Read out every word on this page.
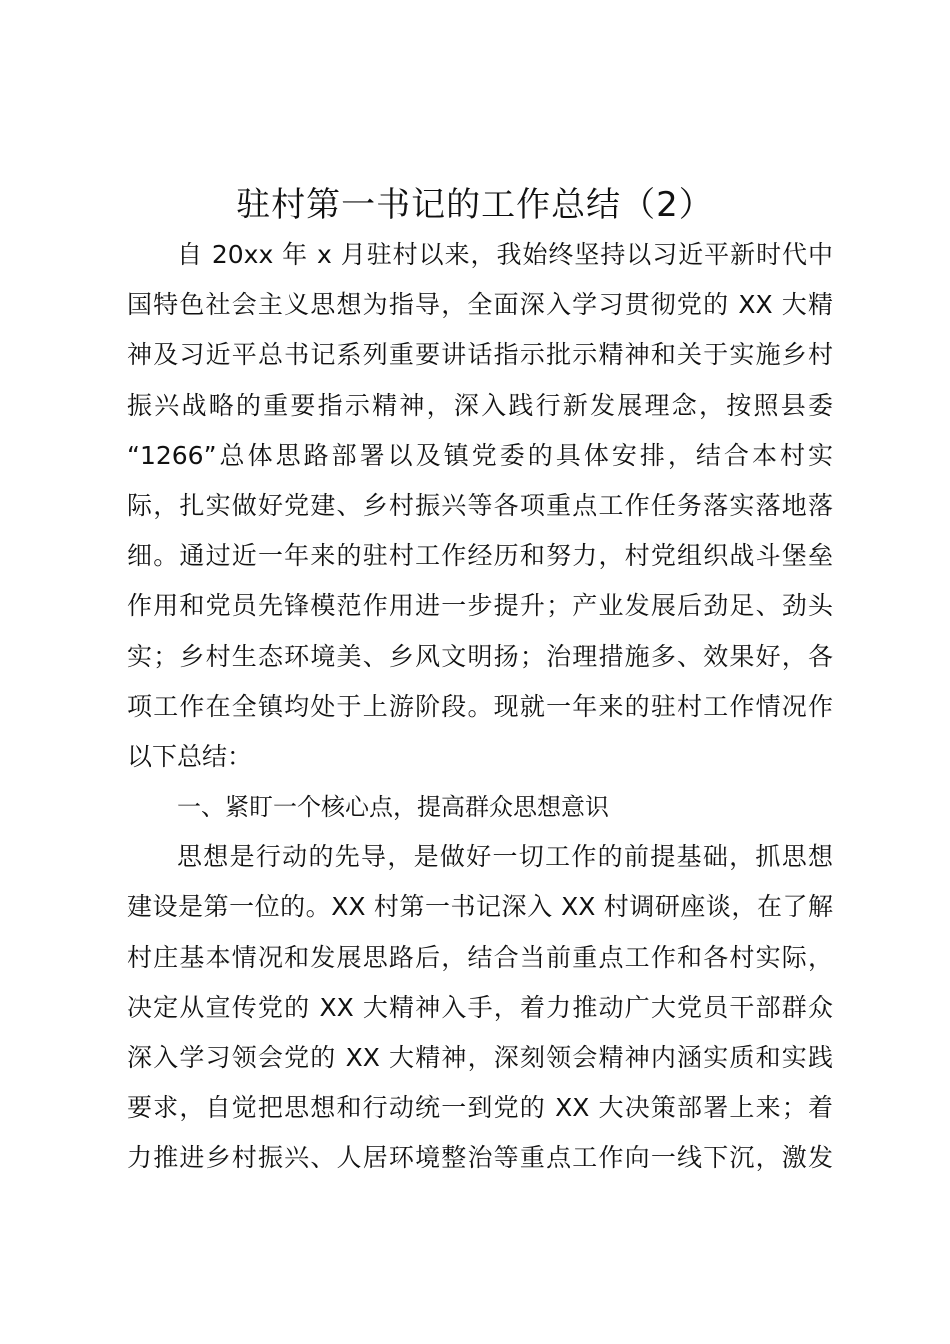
驻村第一书记的工作总结（2）
自 20xx 年 x 月驻村以来，我始终坚持以习近平新时代中
国特色社会主义思想为指导，全面深入学习贯彻党的 XX 大精
神及习近平总书记系列重要讲话指示批示精神和关于实施乡村
振兴战略的重要指示精神，深入践行新发展理念，按照县委
“1266”总体思路部署以及镇党委的具体安排，结合本村实
际，扎实做好党建、乡村振兴等各项重点工作任务落实落地落
细。通过近一年来的驻村工作经历和努力，村党组织战斗堡垒
作用和党员先锋模范作用进一步提升；产业发展后劲足、劲头
实；乡村生态环境美、乡风文明扬；治理措施多、效果好，各
项工作在全镇均处于上游阶段。现就一年来的驻村工作情况作
以下总结：
一、紧盯一个核心点，提高群众思想意识
思想是行动的先导，是做好一切工作的前提基础，抓思想
建设是第一位的。XX 村第一书记深入 XX 村调研座谈，在了解
村庄基本情况和发展思路后，结合当前重点工作和各村实际，
决定从宣传党的 XX 大精神入手，着力推动广大党员干部群众
深入学习领会党的 XX 大精神，深刻领会精神内涵实质和实践
要求，自觉把思想和行动统一到党的 XX 大决策部署上来；着
力推进乡村振兴、人居环境整治等重点工作向一线下沉，激发
